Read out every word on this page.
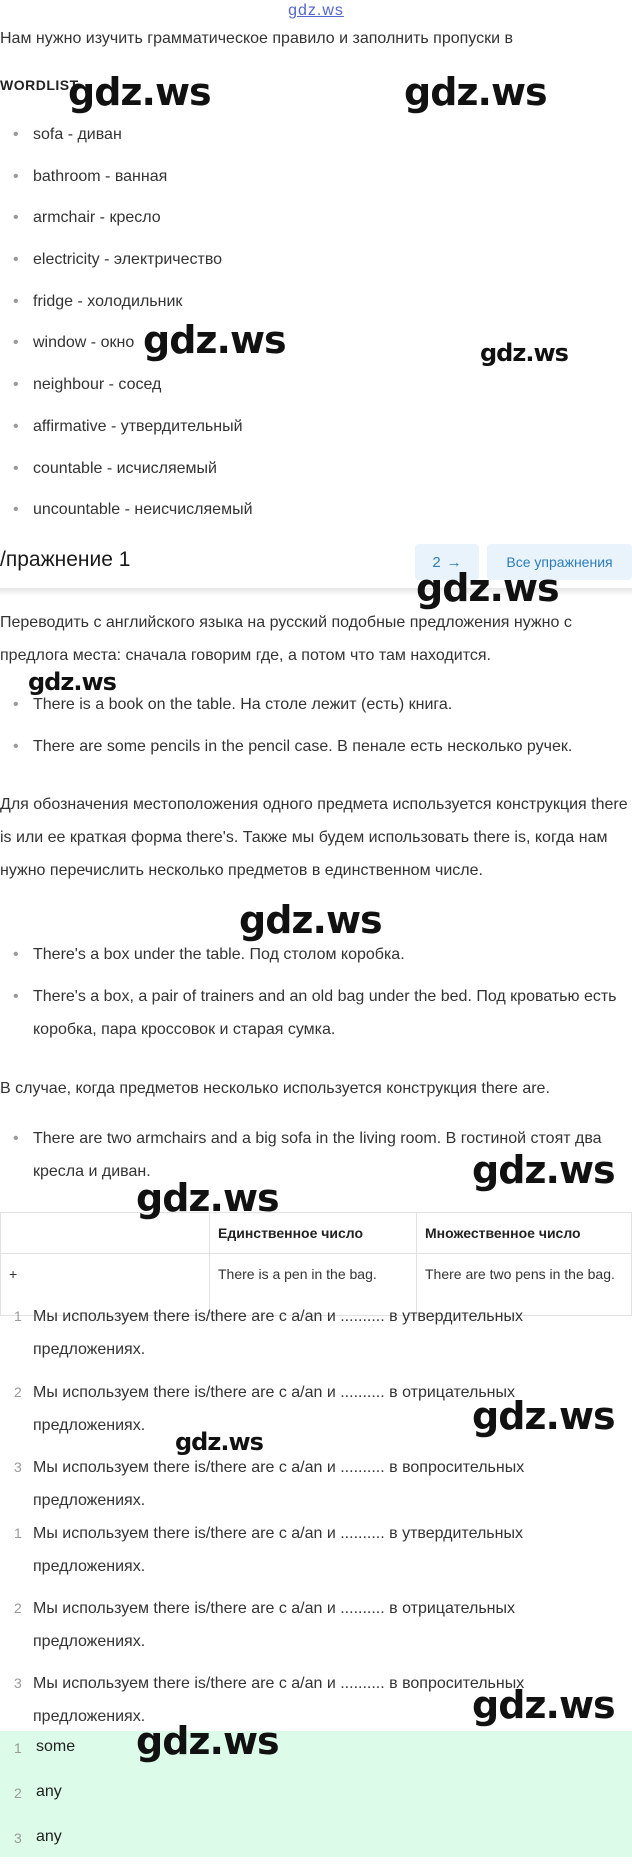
gdz.ws
Нам нужно изучить грамматическое правило и заполнить пропуски в
WORDLIST
• sofa - диван
• bathroom - ванная
• armchair - кресло
• electricity - электричество
• fridge - холодильник
• window - окно
• neighbour - сосед
• affirmative - утвердительный
• countable - исчисляемый
• uncountable - неисчисляемый
/пражнение 1	2 →	Все упражнения
Переводить с английского языка на русский подобные предложения нужно с предлога места: сначала говорим где, а потом что там находится.
• There is a book on the table. На столе лежит (есть) книга.
• There are some pencils in the pencil case. В пенале есть несколько ручек.
Для обозначения местоположения одного предмета используется конструкция there is или ее краткая форма there's. Также мы будем использовать there is, когда нам нужно перечислить несколько предметов в единственном числе.
• There's a box under the table. Под столом коробка.
• There's a box, a pair of trainers and an old bag under the bed. Под кроватью есть коробка, пара кроссовок и старая сумка.
В случае, когда предметов несколько используется конструкция there are.
• There are two armchairs and a big sofa in the living room. В гостиной стоят два кресла и диван.
	Единственное число	Множественное число
+	There is a pen in the bag.	There are two pens in the bag.
1 Мы используем there is/there are с a/an и .......... в утвердительных предложениях.
2 Мы используем there is/there are с a/an и .......... в отрицательных предложениях.
3 Мы используем there is/there are с a/an и .......... в вопросительных предложениях.
1 Мы используем there is/there are с a/an и .......... в утвердительных предложениях.
2 Мы используем there is/there are с a/an и .......... в отрицательных предложениях.
3 Мы используем there is/there are с a/an и .......... в вопросительных предложениях.
1 some
2 any
3 any
gdz.ws	gdz.ws
gdz.ws	gdz.ws
gdz.ws
gdz.ws
gdz.ws
gdz.ws
gdz.ws
gdz.ws
gdz.ws
gdz.ws
gdz.ws
